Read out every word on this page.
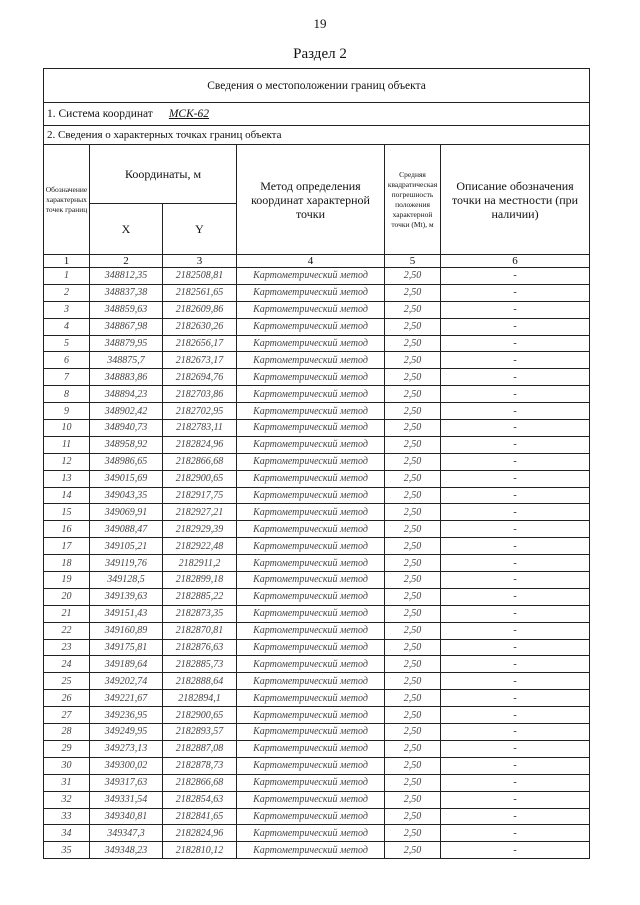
19
Раздел 2
Сведения о местоположении границ объекта					
1. Система координат МСК-62					
2. Сведения о характерных точках границ объекта					
Обозначение характерных точек границ	Координаты, м		Метод определения координат характерной точки	Средняя квадратическая погрешность положения характерной точки (Mt), м	Описание обозначения точки на местности (при наличии)
	X	Y			
1	2	3	4	5	6
1	348812,35	2182508,81	Картометрический метод	2,50	-
2	348837,38	2182561,65	Картометрический метод	2,50	-
3	348859,63	2182609,86	Картометрический метод	2,50	-
4	348867,98	2182630,26	Картометрический метод	2,50	-
5	348879,95	2182656,17	Картометрический метод	2,50	-
6	348875,7	2182673,17	Картометрический метод	2,50	-
7	348883,86	2182694,76	Картометрический метод	2,50	-
8	348894,23	2182703,86	Картометрический метод	2,50	-
9	348902,42	2182702,95	Картометрический метод	2,50	-
10	348940,73	2182783,11	Картометрический метод	2,50	-
11	348958,92	2182824,96	Картометрический метод	2,50	-
12	348986,65	2182866,68	Картометрический метод	2,50	-
13	349015,69	2182900,65	Картометрический метод	2,50	-
14	349043,35	2182917,75	Картометрический метод	2,50	-
15	349069,91	2182927,21	Картометрический метод	2,50	-
16	349088,47	2182929,39	Картометрический метод	2,50	-
17	349105,21	2182922,48	Картометрический метод	2,50	-
18	349119,76	2182911,2	Картометрический метод	2,50	-
19	349128,5	2182899,18	Картометрический метод	2,50	-
20	349139,63	2182885,22	Картометрический метод	2,50	-
21	349151,43	2182873,35	Картометрический метод	2,50	-
22	349160,89	2182870,81	Картометрический метод	2,50	-
23	349175,81	2182876,63	Картометрический метод	2,50	-
24	349189,64	2182885,73	Картометрический метод	2,50	-
25	349202,74	2182888,64	Картометрический метод	2,50	-
26	349221,67	2182894,1	Картометрический метод	2,50	-
27	349236,95	2182900,65	Картометрический метод	2,50	-
28	349249,95	2182893,57	Картометрический метод	2,50	-
29	349273,13	2182887,08	Картометрический метод	2,50	-
30	349300,02	2182878,73	Картометрический метод	2,50	-
31	349317,63	2182866,68	Картометрический метод	2,50	-
32	349331,54	2182854,63	Картометрический метод	2,50	-
33	349340,81	2182841,65	Картометрический метод	2,50	-
34	349347,3	2182824,96	Картометрический метод	2,50	-
35	349348,23	2182810,12	Картометрический метод	2,50	-
